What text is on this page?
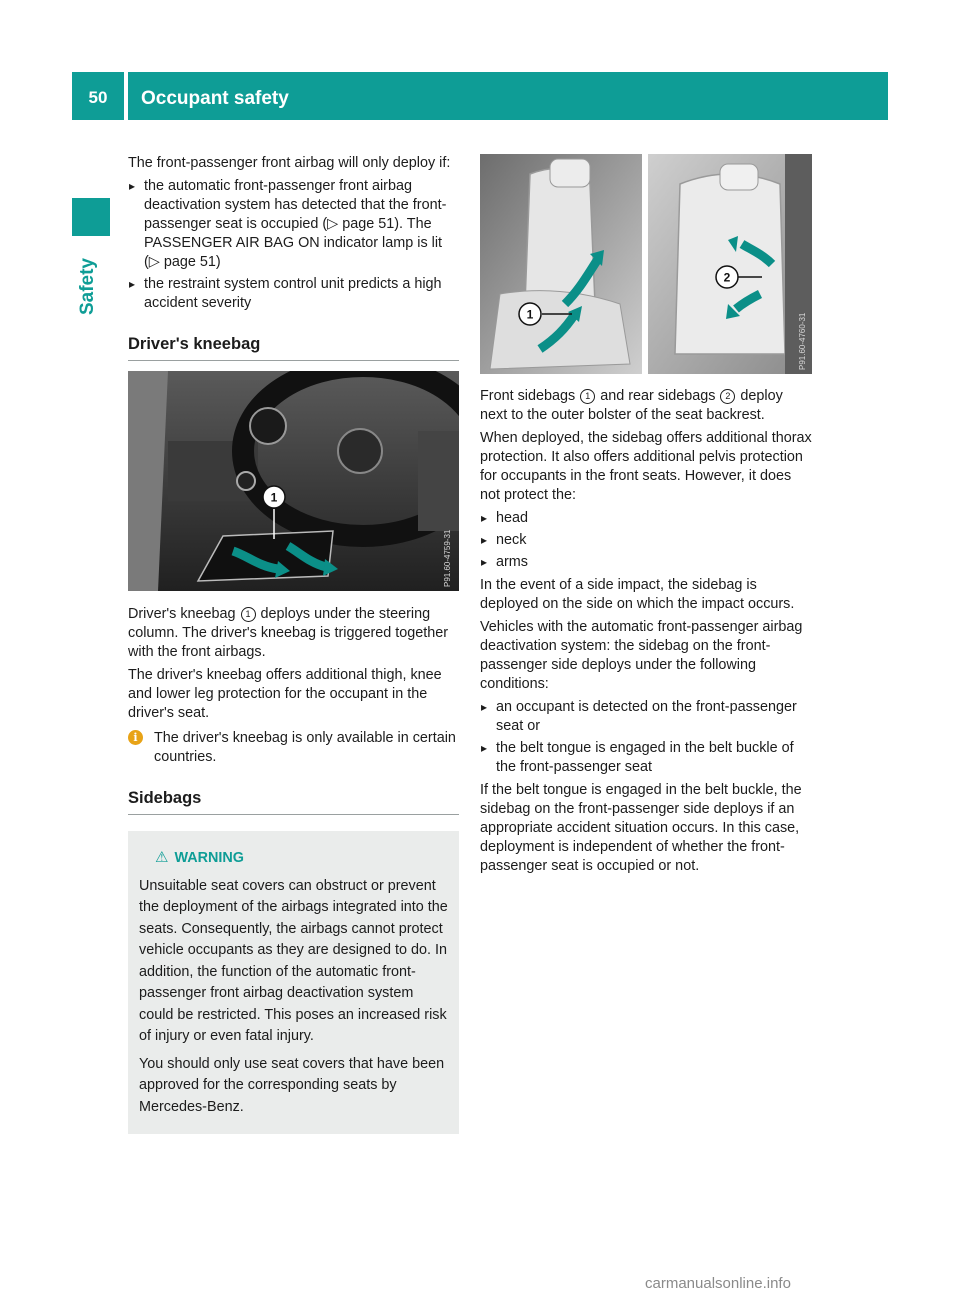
50	Occupant safety
Safety

The front-passenger front airbag will only deploy if:

▸ the automatic front-passenger front airbag deactivation system has detected that the front-passenger seat is occupied (▷ page 51). The PASSENGER AIR BAG ON indicator lamp is lit (▷ page 51)
▸ the restraint system control unit predicts a high accident severity
Driver's kneebag
1
P91.60-4759-31

Driver's kneebag 1 deploys under the steering column. The driver's kneebag is triggered together with the front airbags.

The driver's kneebag offers additional thigh, knee and lower leg protection for the occupant in the driver's seat.

i	The driver's kneebag is only available in certain countries.
Sidebags
⚠ WARNING

Unsuitable seat covers can obstruct or prevent the deployment of the airbags integrated into the seats. Consequently, the airbags cannot protect vehicle occupants as they are designed to do. In addition, the function of the automatic front-passenger front airbag deactivation system could be restricted. This poses an increased risk of injury or even fatal injury.

You should only use seat covers that have been approved for the corresponding seats by Mercedes-Benz.

1
2
P91.60-4760-31

Front sidebags 1 and rear sidebags 2 deploy next to the outer bolster of the seat backrest.

When deployed, the sidebag offers additional thorax protection. It also offers additional pelvis protection for occupants in the front seats. However, it does not protect the:

▸ head
▸ neck
▸ arms

In the event of a side impact, the sidebag is deployed on the side on which the impact occurs.

Vehicles with the automatic front-passenger airbag deactivation system: the sidebag on the front-passenger side deploys under the following conditions:

▸ an occupant is detected on the front-passenger seat or
▸ the belt tongue is engaged in the belt buckle of the front-passenger seat

If the belt tongue is engaged in the belt buckle, the sidebag on the front-passenger side deploys if an appropriate accident situation occurs. In this case, deployment is independent of whether the front-passenger seat is occupied or not.

carmanualsonline.info
